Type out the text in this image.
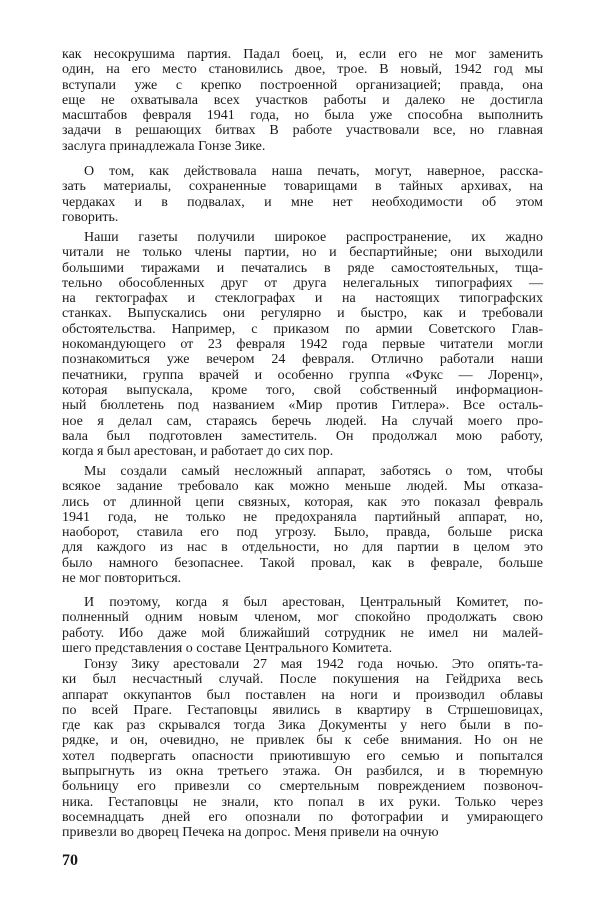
как несокрушима партия. Падал боец, и, если его не мог заменить
один, на его место становились двое, трое. В новый, 1942 год мы
вступали уже с крепко построенной организацией; правда, она
еще не охватывала всех участков работы и далеко не достигла
масштабов февраля 1941 года, но была уже способна выполнить
задачи в решающих битвах В работе участвовали все, но главная
заслуга принадлежала Гонзе Зике.
О том, как действовала наша печать, могут, наверное, расска-
зать материалы, сохраненные товарищами в тайных архивах, на
чердаках и в подвалах, и мне нет необходимости об этом
говорить.
Наши газеты получили широкое распространение, их жадно
читали не только члены партии, но и беспартийные; они выходили
большими тиражами и печатались в ряде самостоятельных, тща-
тельно обособленных друг от друга нелегальных типографиях —
на гектографах и стеклографах и на настоящих типографских
станках. Выпускались они регулярно и быстро, как и требовали
обстоятельства. Например, с приказом по армии Советского Глав-
нокомандующего от 23 февраля 1942 года первые читатели могли
познакомиться уже вечером 24 февраля. Отлично работали наши
печатники, группа врачей и особенно группа «Фукс — Лоренц»,
которая выпускала, кроме того, свой собственный информацион-
ный бюллетень под названием «Мир против Гитлера». Все осталь-
ное я делал сам, стараясь беречь людей. На случай моего про-
вала был подготовлен заместитель. Он продолжал мою работу,
когда я был арестован, и работает до сих пор.
Мы создали самый несложный аппарат, заботясь о том, чтобы
всякое задание требовало как можно меньше людей. Мы отказа-
лись от длинной цепи связных, которая, как это показал февраль
1941 года, не только не предохраняла партийный аппарат, но,
наоборот, ставила его под угрозу. Было, правда, больше риска
для каждого из нас в отдельности, но для партии в целом это
было намного безопаснее. Такой провал, как в феврале, больше
не мог повториться.
И поэтому, когда я был арестован, Центральный Комитет, по-
полненный одним новым членом, мог спокойно продолжать свою
работу. Ибо даже мой ближайший сотрудник не имел ни малей-
шего представления о составе Центрального Комитета.
Гонзу Зику арестовали 27 мая 1942 года ночью. Это опять-та-
ки был несчастный случай. После покушения на Гейдриха весь
аппарат оккупантов был поставлен на ноги и производил облавы
по всей Праге. Гестаповцы явились в квартиру в Стршешовицах,
где как раз скрывался тогда Зика Документы у него были в по-
рядке, и он, очевидно, не привлек бы к себе внимания. Но он не
хотел подвергать опасности приютившую его семью и попытался
выпрыгнуть из окна третьего этажа. Он разбился, и в тюремную
больницу его привезли со смертельным повреждением позвоноч-
ника. Гестаповцы не знали, кто попал в их руки. Только через
восемнадцать дней его опознали по фотографии и умирающего
привезли во дворец Печека на допрос. Меня привели на очную
70
